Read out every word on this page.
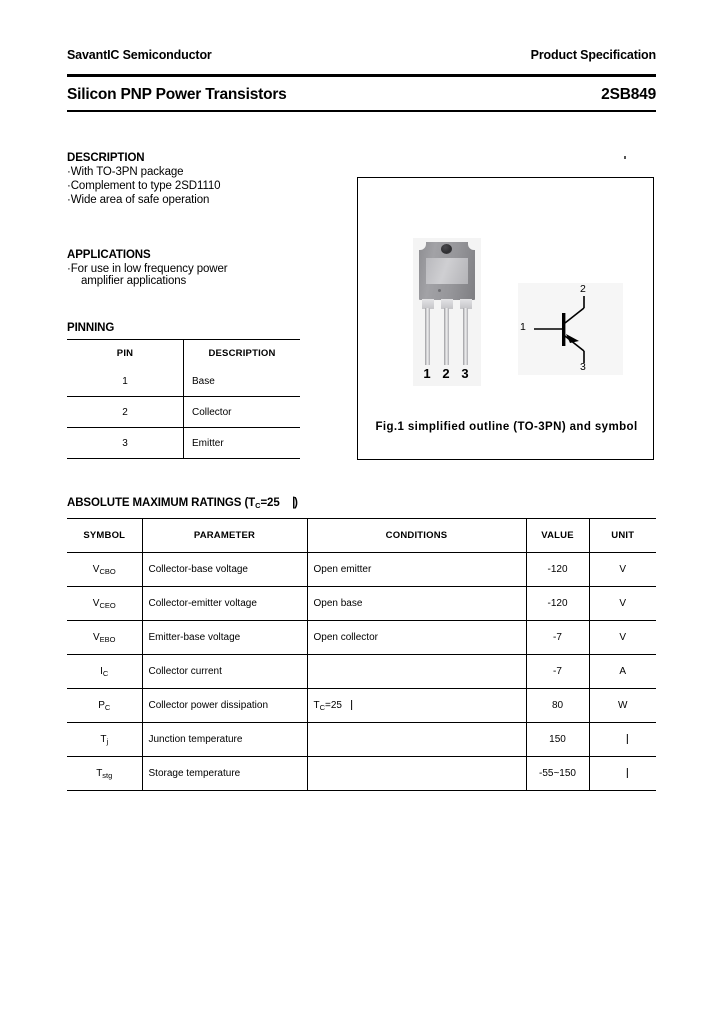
SavantIC Semiconductor	Product Specification
Silicon PNP Power Transistors	2SB849
DESCRIPTION
·With TO-3PN package
·Complement to type 2SD1110
·Wide area of safe operation
APPLICATIONS
·For use in low frequency power
amplifier applications
PINNING
PIN	DESCRIPTION
1	Base
2	Collector
3	Emitter
1 2 3
1
2
3
Fig.1 simplified outline (TO-3PN) and symbol
ABSOLUTE MAXIMUM RATINGS ($T_C=25$ ⎹)
SYMBOL	PARAMETER	CONDITIONS	VALUE	UNIT
$V_{CBO}$	Collector-base voltage	Open emitter	-120	V
$V_{CEO}$	Collector-emitter voltage	Open base	-120	V
$V_{EBO}$	Emitter-base voltage	Open collector	-7	V
$I_C$	Collector current		-7	A
$P_C$	Collector power dissipation	$T_C=25⎹$	80	W
$T_j$	Junction temperature		150	⎹
$T_{stg}$	Storage temperature		-55~150	⎹
